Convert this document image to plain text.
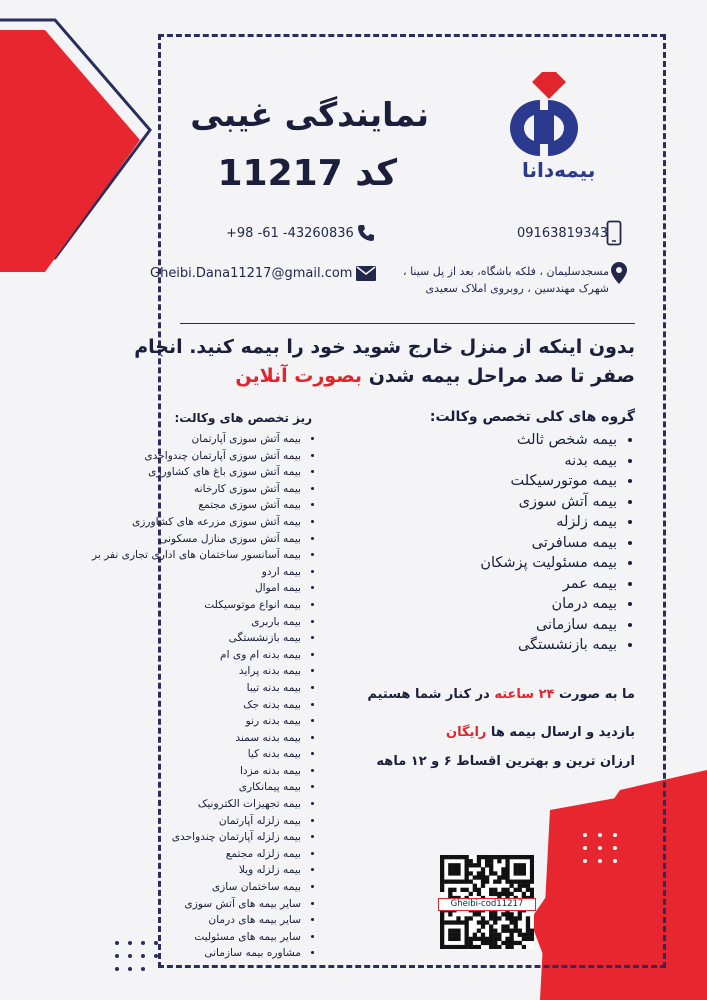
بیمه‌دانا
نمایندگی غیبی
کد 11217
+98 -61 -43260836	09163819343
Gheibi.Dana11217@gmail.com	مسجدسلیمان ، فلکه باشگاه، بعد از پل سینا ،
شهرک مهندسین ، روبروی املاک سعیدی
بدون اینکه از منزل خارج شوید خود را بیمه کنید. انجام
صفر تا صد مراحل بیمه شدن بصورت آنلاین
گروه های کلی تخصص وکالت:
• بیمه شخص ثالث
• بیمه بدنه
• بیمه موتورسیکلت
• بیمه آتش سوزی
• بیمه زلزله
• بیمه مسافرتی
• بیمه مسئولیت پزشکان
• بیمه عمر
• بیمه درمان
• بیمه سازمانی
• بیمه بازنشستگی
ریز تخصص های وکالت:
• بیمه آتش سوزی آپارتمان
• بیمه آتش سوزی آپارتمان چندواحدی
• بیمه آتش سوزی باغ های کشاورزی
• بیمه آتش سوزی کارخانه
• بیمه آتش سوزی مجتمع
• بیمه آتش سوزی مزرعه های کشاورزی
• بیمه آتش سوزی منازل مسکونی
• بیمه آسانسور ساختمان های اداری تجاری نفر بر
• بیمه اردو
• بیمه اموال
• بیمه انواع موتوسیکلت
• بیمه باربری
• بیمه بازنشستگی
• بیمه بدنه ام وی ام
• بیمه بدنه پراید
• بیمه بدنه تیبا
• بیمه بدنه جک
• بیمه بدنه رنو
• بیمه بدنه سمند
• بیمه بدنه کیا
• بیمه بدنه مزدا
• بیمه پیمانکاری
• بیمه تجهیزات الکترونیک
• بیمه زلزله آپارتمان
• بیمه زلزله آپارتمان چندواحدی
• بیمه زلزله مجتمع
• بیمه زلزله ویلا
• بیمه ساختمان سازی
• سایر بیمه های آتش سوزی
• سایر بیمه های درمان
• سایر بیمه های مسئولیت
• مشاوره بیمه سازمانی
ما به صورت ۲۴ ساعته در کنار شما هستیم
بازدید و ارسال بیمه ها رایگان
ارزان ترین و بهترین اقساط ۶ و ۱۲ ماهه
Gheibi-cod11217
